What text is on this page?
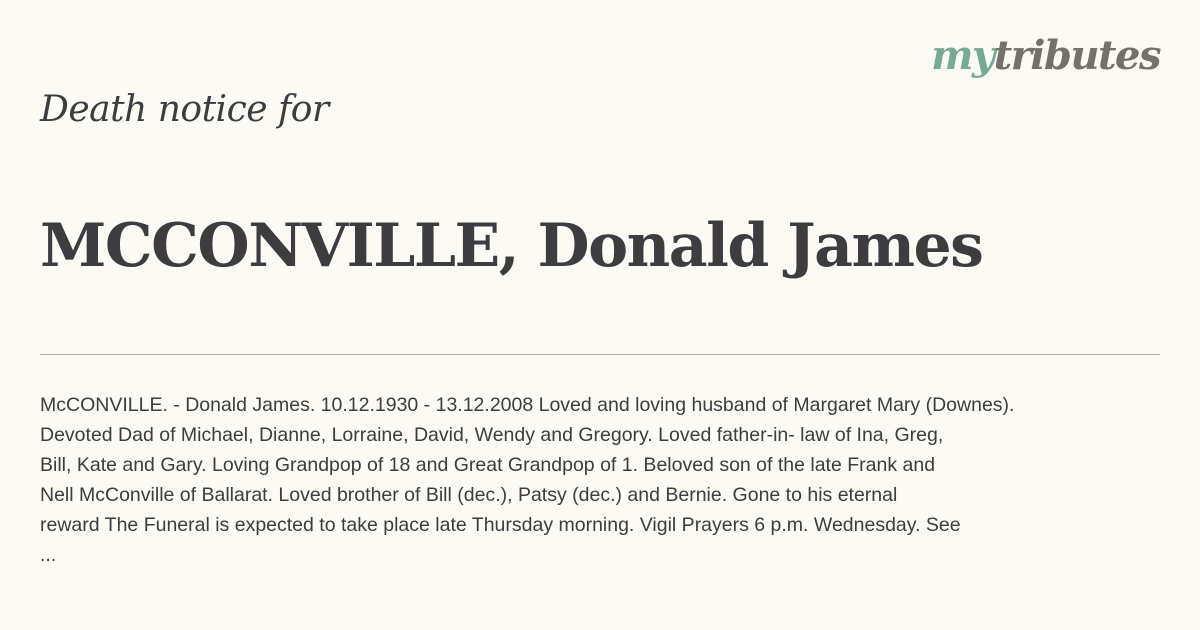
mytributes
Death notice for
MCCONVILLE, Donald James
McCONVILLE. - Donald James. 10.12.1930 - 13.12.2008 Loved and loving husband of Margaret Mary (Downes).
Devoted Dad of Michael, Dianne, Lorraine, David, Wendy and Gregory. Loved father-in- law of Ina, Greg,
Bill, Kate and Gary. Loving Grandpop of 18 and Great Grandpop of 1. Beloved son of the late Frank and
Nell McConville of Ballarat. Loved brother of Bill (dec.), Patsy (dec.) and Bernie. Gone to his eternal
reward The Funeral is expected to take place late Thursday morning. Vigil Prayers 6 p.m. Wednesday. See
...
